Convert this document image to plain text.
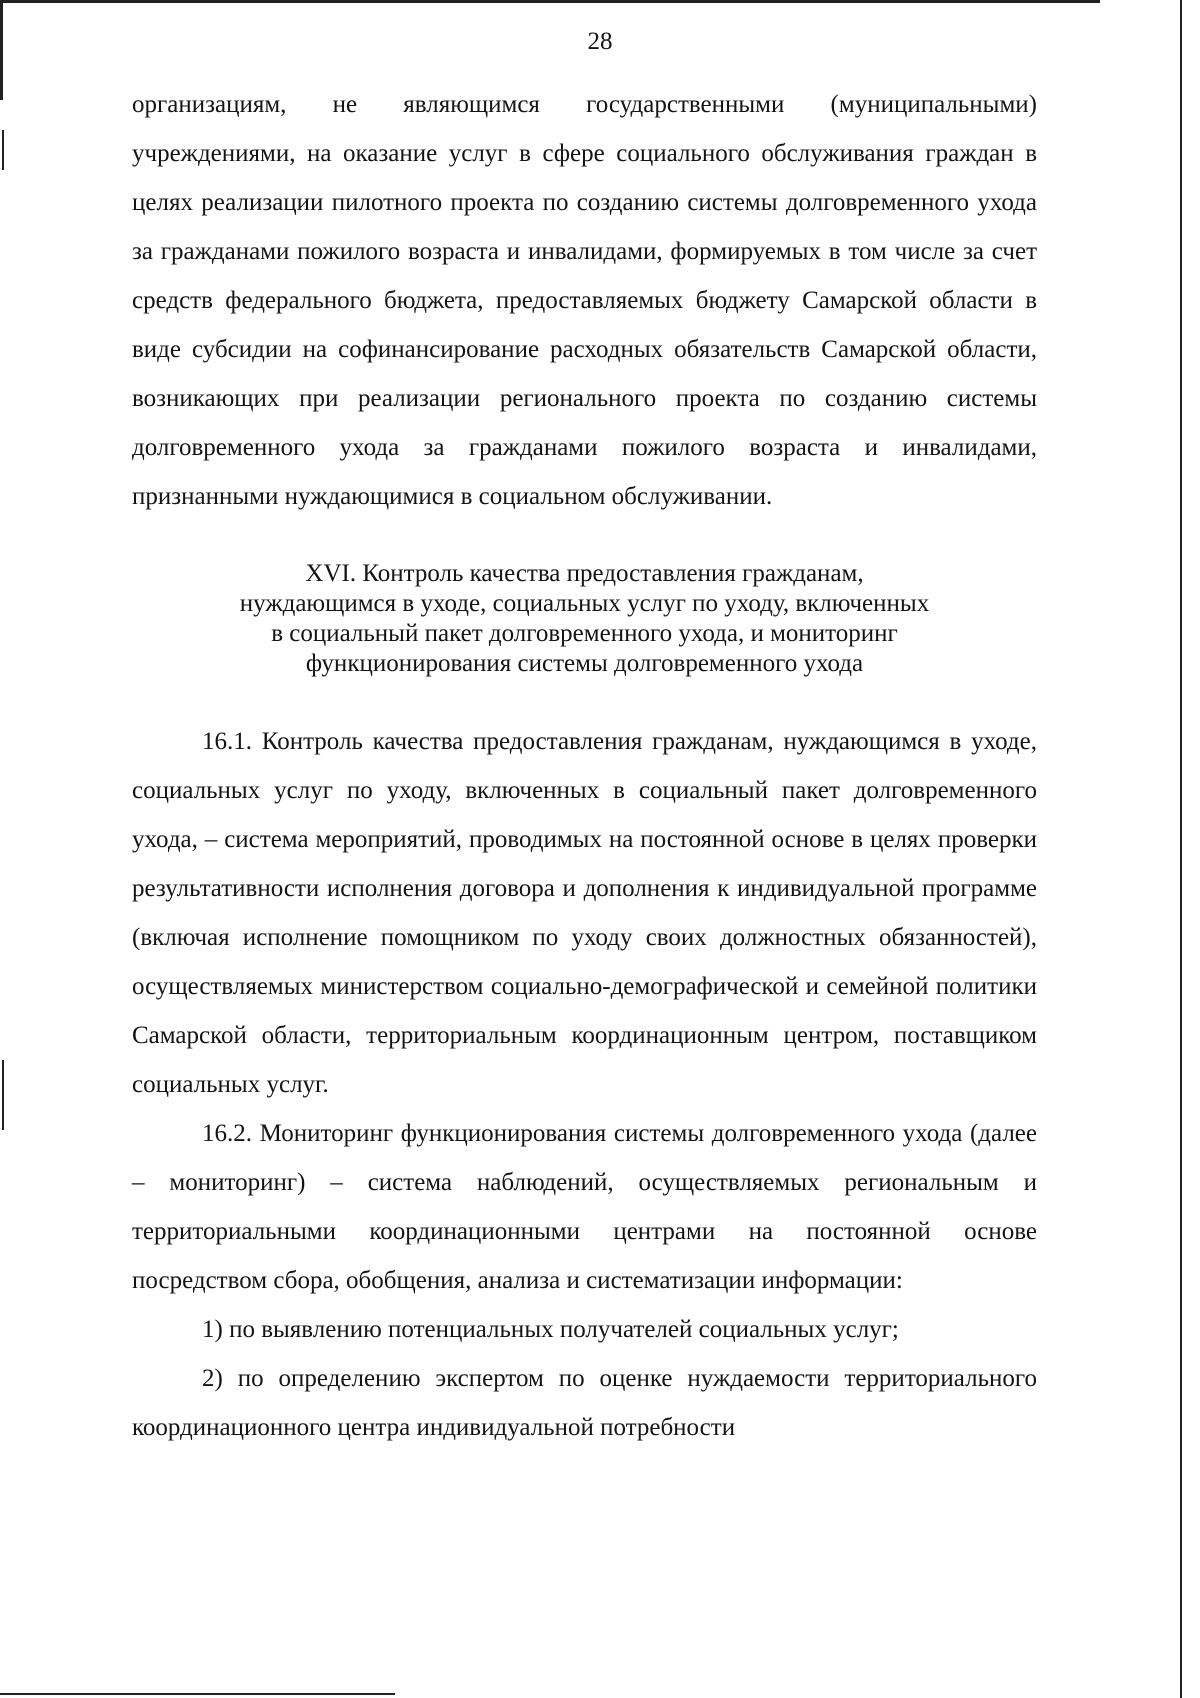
28

организациям, не являющимся государственными (муниципальными) учреждениями, на оказание услуг в сфере социального обслуживания граждан в целях реализации пилотного проекта по созданию системы долговременного ухода за гражданами пожилого возраста и инвалидами, формируемых в том числе за счет средств федерального бюджета, предоставляемых бюджету Самарской области в виде субсидии на софинансирование расходных обязательств Самарской области, возникающих при реализации регионального проекта по созданию системы долговременного ухода за гражданами пожилого возраста и инвалидами, признанными нуждающимися в социальном обслуживании.

XVI. Контроль качества предоставления гражданам,
нуждающимся в уходе, социальных услуг по уходу, включенных
в социальный пакет долговременного ухода, и мониторинг
функционирования системы долговременного ухода

16.1. Контроль качества предоставления гражданам, нуждающимся в уходе, социальных услуг по уходу, включенных в социальный пакет долговременного ухода, – система мероприятий, проводимых на постоянной основе в целях проверки результативности исполнения договора и дополнения к индивидуальной программе (включая исполнение помощником по уходу своих должностных обязанностей), осуществляемых министерством социально-демографической и семейной политики Самарской области, территориальным координационным центром, поставщиком социальных услуг.

16.2. Мониторинг функционирования системы долговременного ухода (далее – мониторинг) – система наблюдений, осуществляемых региональным и территориальными координационными центрами на постоянной основе посредством сбора, обобщения, анализа и систематизации информации:

1) по выявлению потенциальных получателей социальных услуг;

2) по определению экспертом по оценке нуждаемости территориального координационного центра индивидуальной потребности
